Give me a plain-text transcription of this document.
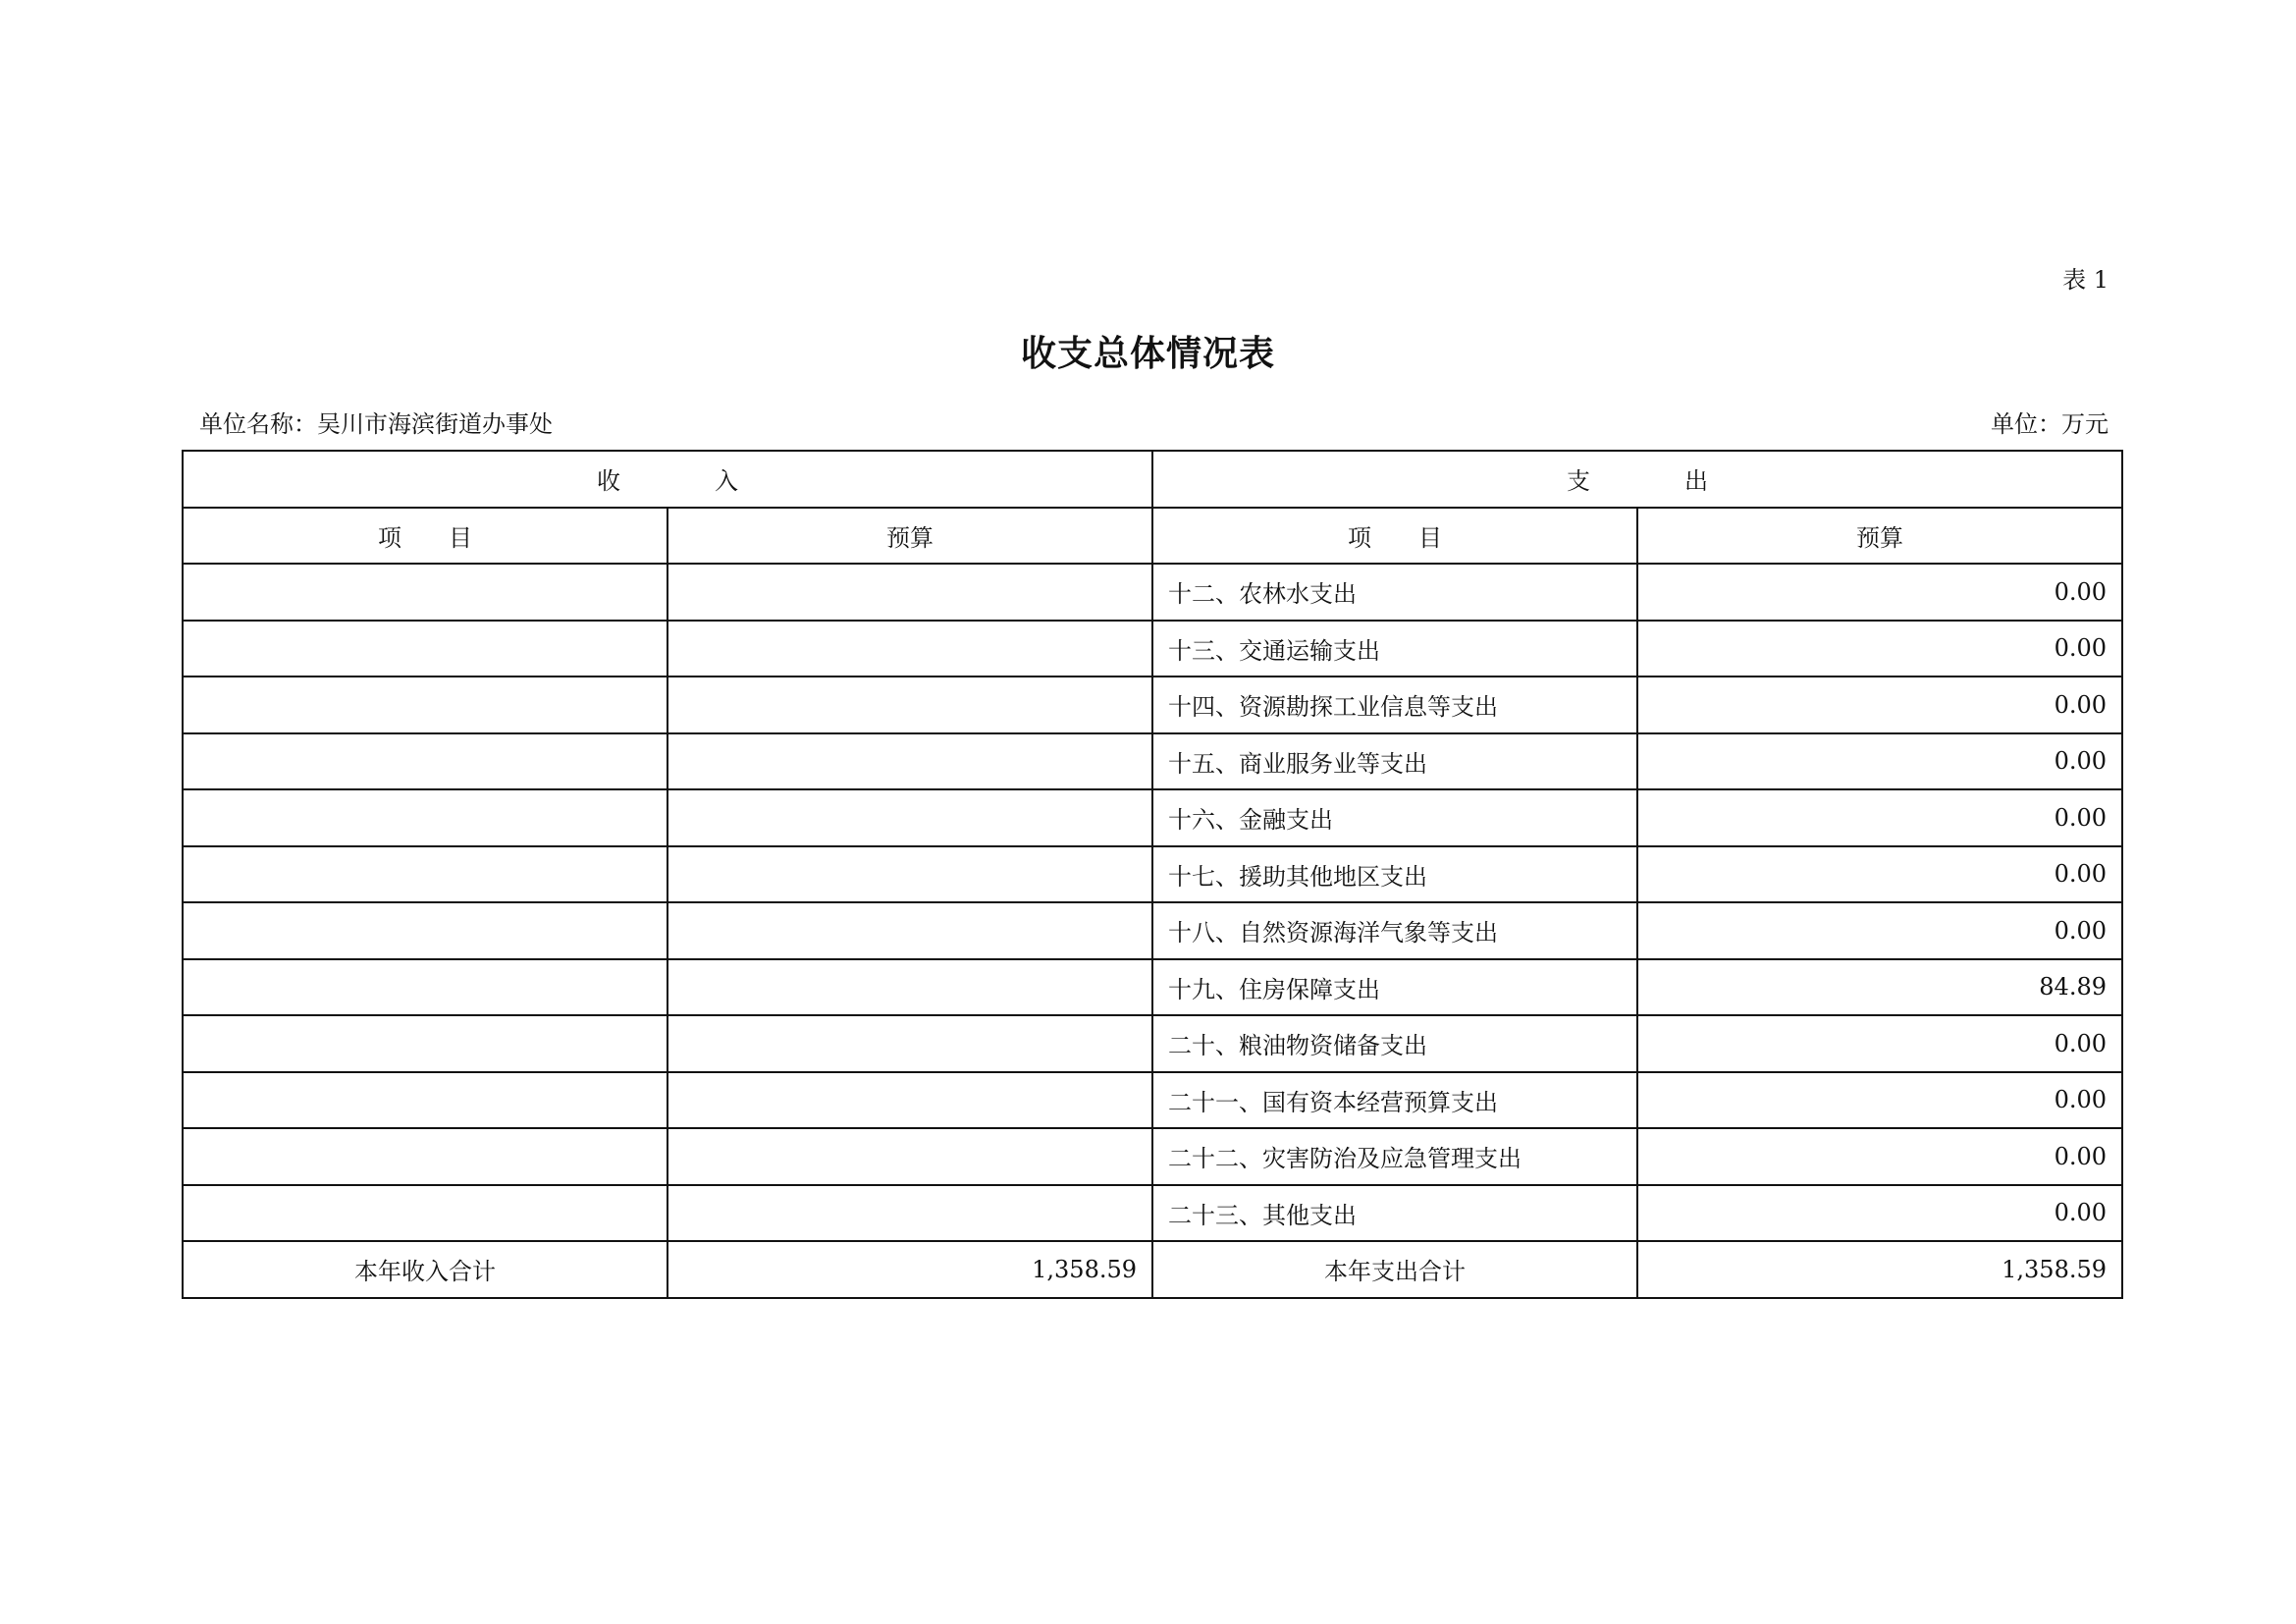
表 1
收支总体情况表
单位名称：吴川市海滨街道办事处	单位：万元
收　　　　入		支　　　　出	
项　　目	预算	项　　目	预算
		十二、农林水支出	0.00
		十三、交通运输支出	0.00
		十四、资源勘探工业信息等支出	0.00
		十五、商业服务业等支出	0.00
		十六、金融支出	0.00
		十七、援助其他地区支出	0.00
		十八、自然资源海洋气象等支出	0.00
		十九、住房保障支出	84.89
		二十、粮油物资储备支出	0.00
		二十一、国有资本经营预算支出	0.00
		二十二、灾害防治及应急管理支出	0.00
		二十三、其他支出	0.00
本年收入合计	1,358.59	本年支出合计	1,358.59
